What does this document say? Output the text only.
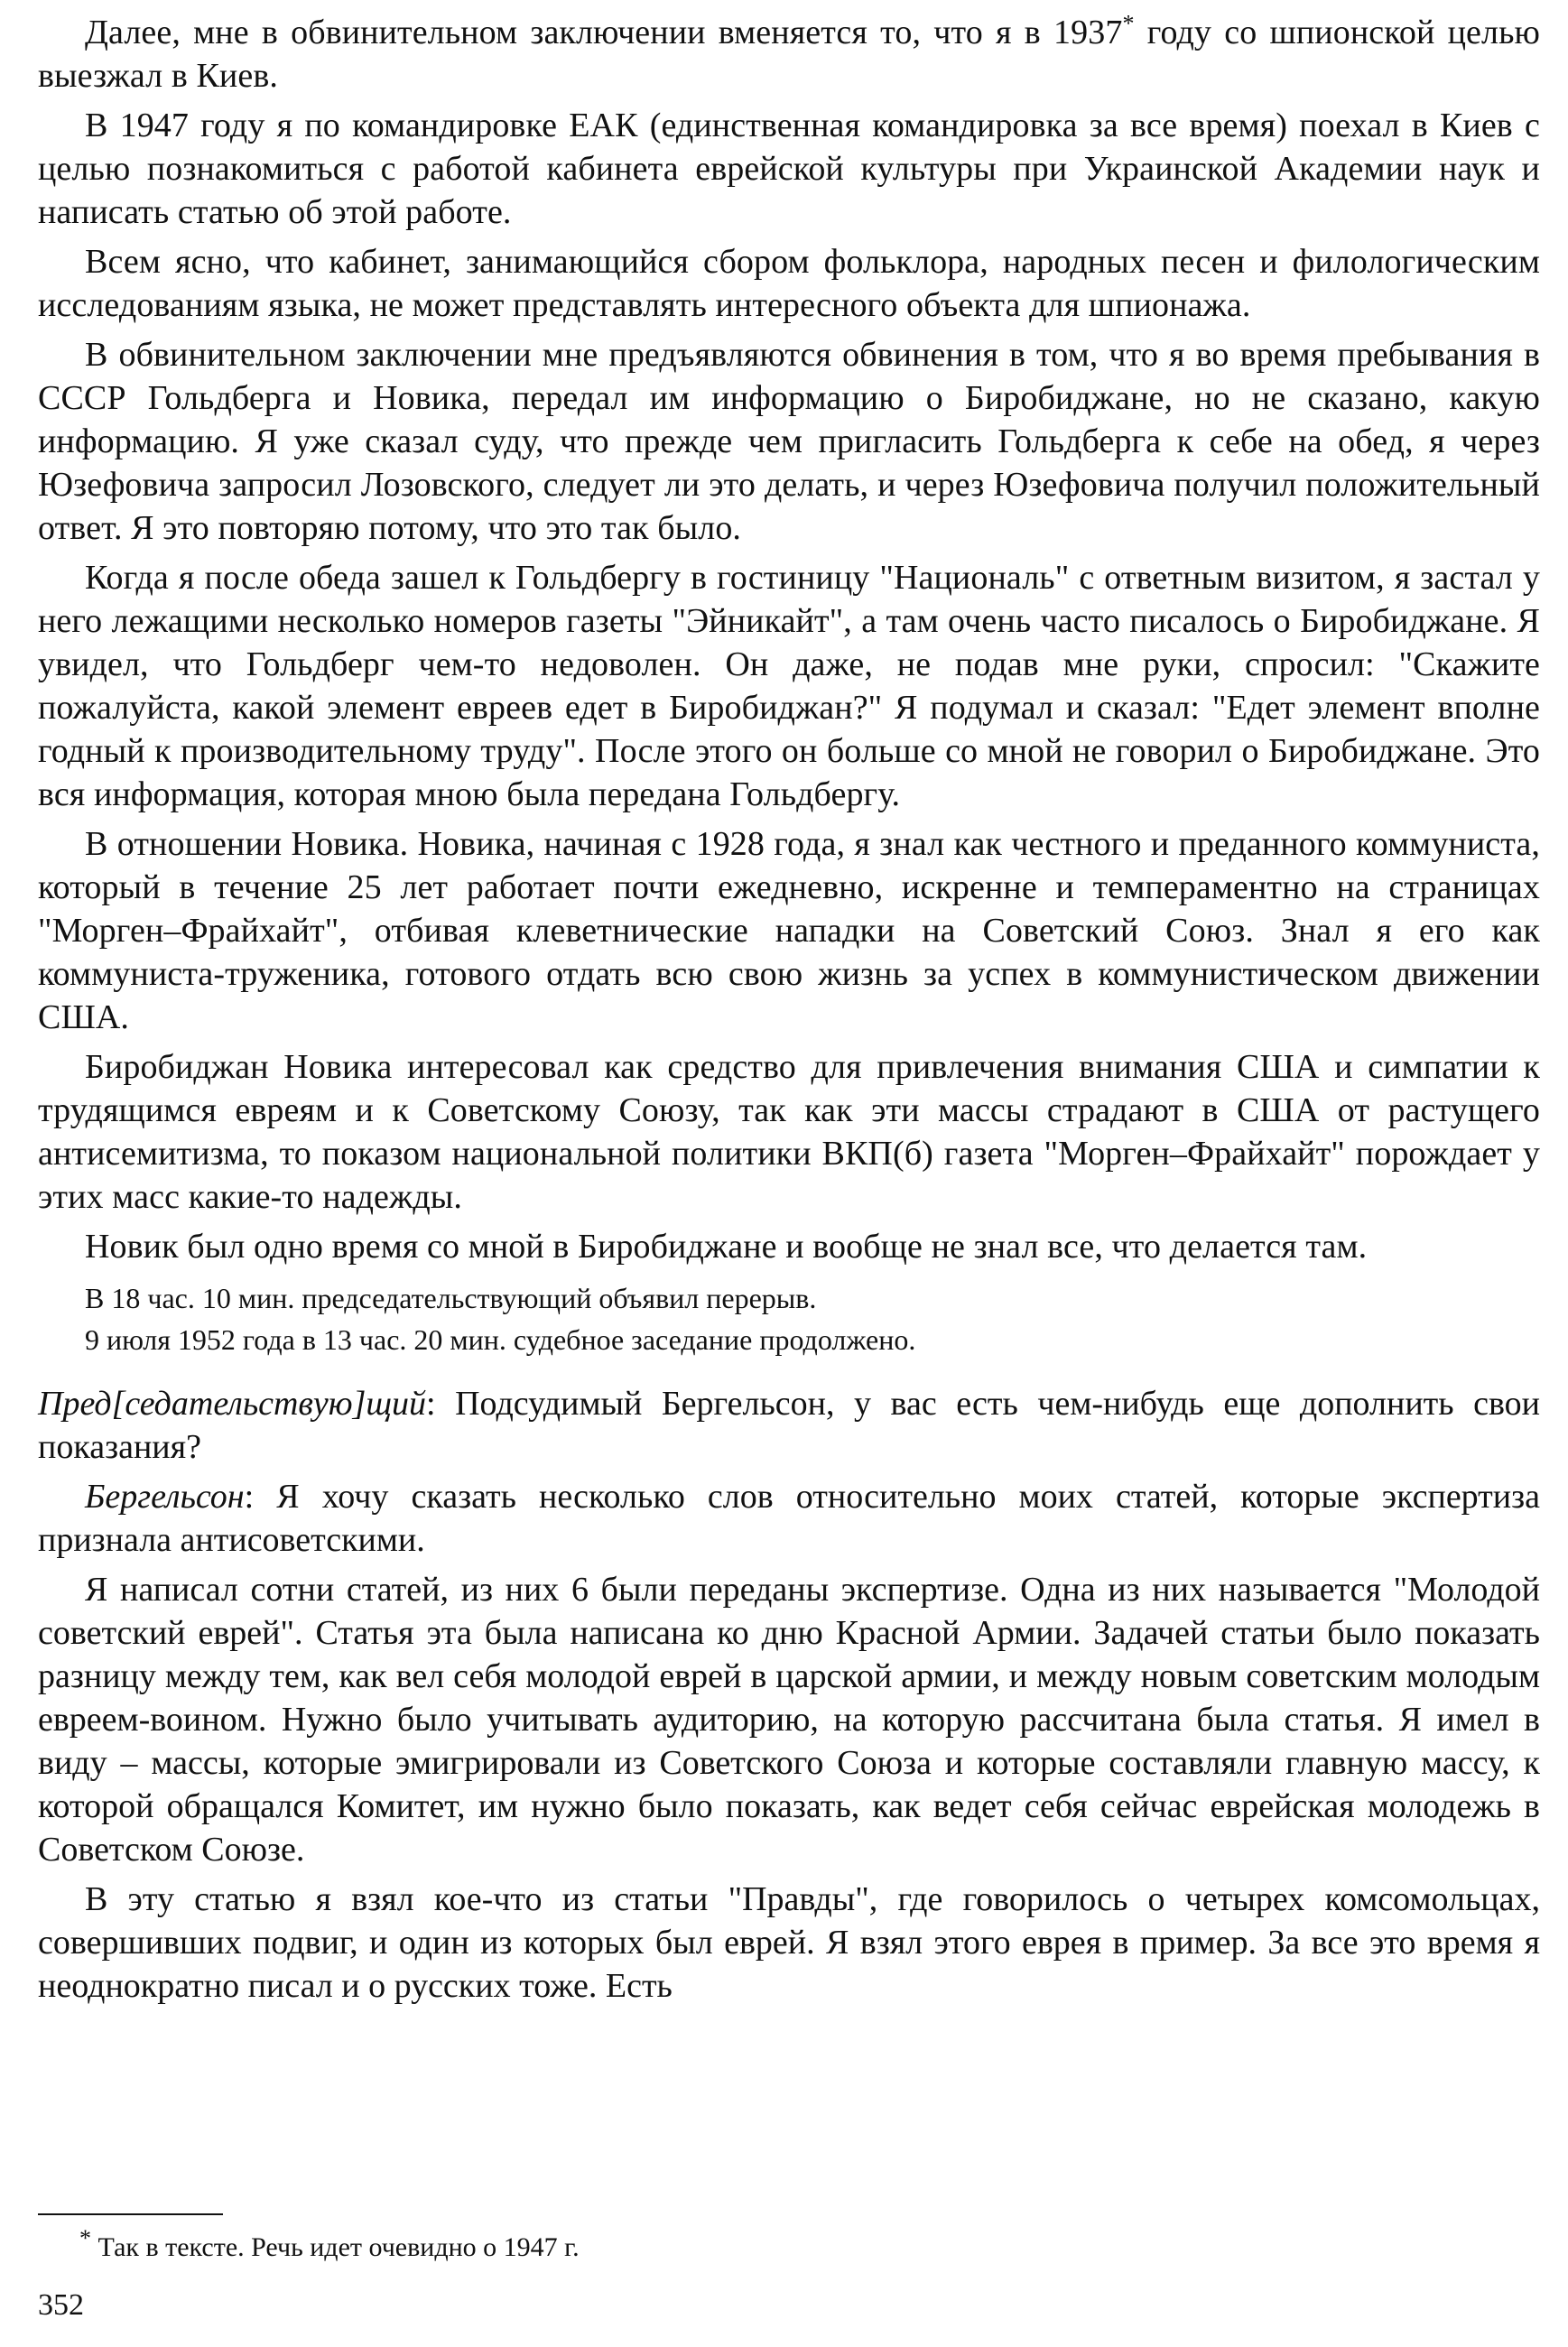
Далее, мне в обвинительном заключении вменяется то, что я в 1937* году со шпионской целью выезжал в Киев.

В 1947 году я по командировке ЕАК (единственная командировка за все время) поехал в Киев с целью познакомиться с работой кабинета еврейской культуры при Украинской Академии наук и написать статью об этой работе.

Всем ясно, что кабинет, занимающийся сбором фольклора, народных песен и филологическим исследованиям языка, не может представлять интересного объекта для шпионажа.

В обвинительном заключении мне предъявляются обвинения в том, что я во время пребывания в СССР Гольдберга и Новика, передал им информацию о Биробиджане, но не сказано, какую информацию. Я уже сказал суду, что прежде чем пригласить Гольдберга к себе на обед, я через Юзефовича запросил Лозовского, следует ли это делать, и через Юзефовича получил положительный ответ. Я это повторяю потому, что это так было.

Когда я после обеда зашел к Гольдбергу в гостиницу "Националь" с ответным визитом, я застал у него лежащими несколько номеров газеты "Эйникайт", а там очень часто писалось о Биробиджане. Я увидел, что Гольдберг чем-то недоволен. Он даже, не подав мне руки, спросил: "Скажите пожалуйста, какой элемент евреев едет в Биробиджан?" Я подумал и сказал: "Едет элемент вполне годный к производительному труду". После этого он больше со мной не говорил о Биробиджане. Это вся информация, которая мною была передана Гольдбергу.

В отношении Новика. Новика, начиная с 1928 года, я знал как честного и преданного коммуниста, который в течение 25 лет работает почти ежедневно, искренне и темпераментно на страницах "Морген–Фрайхайт", отбивая клеветнические нападки на Советский Союз. Знал я его как коммуниста-труженика, готового отдать всю свою жизнь за успех в коммунистическом движении США.

Биробиджан Новика интересовал как средство для привлечения внимания США и симпатии к трудящимся евреям и к Советскому Союзу, так как эти массы страдают в США от растущего антисемитизма, то показом национальной политики ВКП(б) газета "Морген–Фрайхайт" порождает у этих масс какие-то надежды.

Новик был одно время со мной в Биробиджане и вообще не знал все, что делается там.

В 18 час. 10 мин. председательствующий объявил перерыв.

9 июля 1952 года в 13 час. 20 мин. судебное заседание продолжено.

Пред[седательствую]щий: Подсудимый Бергельсон, у вас есть чем-нибудь еще дополнить свои показания?

Бергельсон: Я хочу сказать несколько слов относительно моих статей, которые экспертиза признала антисоветскими.

Я написал сотни статей, из них 6 были переданы экспертизе. Одна из них называется "Молодой советский еврей". Статья эта была написана ко дню Красной Армии. Задачей статьи было показать разницу между тем, как вел себя молодой еврей в царской армии, и между новым советским молодым евреем-воином. Нужно было учитывать аудиторию, на которую рассчитана была статья. Я имел в виду – массы, которые эмигрировали из Советского Союза и которые составляли главную массу, к которой обращался Комитет, им нужно было показать, как ведет себя сейчас еврейская молодежь в Советском Союзе.

В эту статью я взял кое-что из статьи "Правды", где говорилось о четырех комсомольцах, совершивших подвиг, и один из которых был еврей. Я взял этого еврея в пример. За все это время я неоднократно писал и о русских тоже. Есть

* Так в тексте. Речь идет очевидно о 1947 г.
352
